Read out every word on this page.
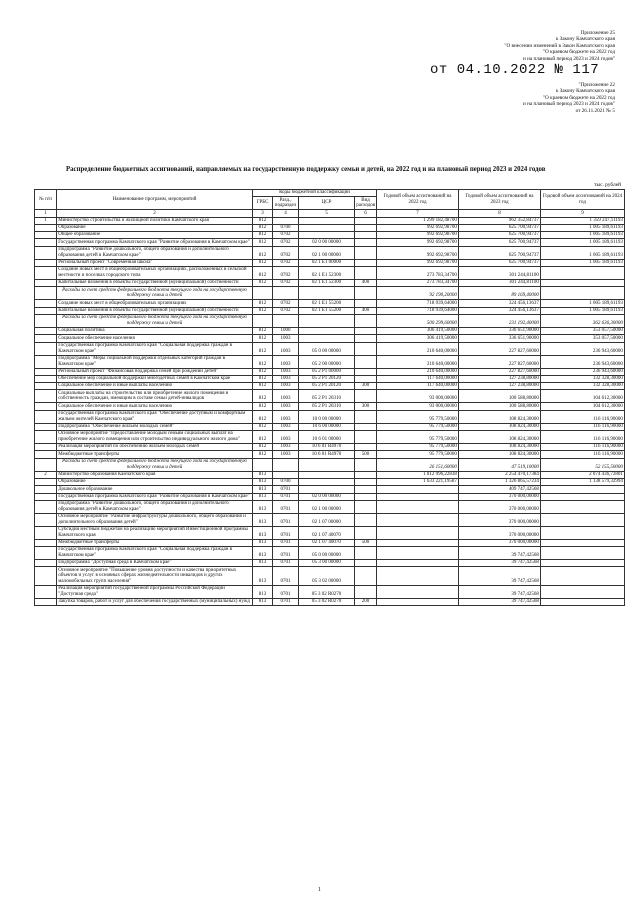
Приложение 25
к Закону Камчатского края
"О внесении изменений в Закон Камчатского края
"О краевом бюджете на 2022 год
и на плановый период 2023 и 2024 годов"
от 04.10.2022 № 117
"Приложение 22
к Закону Камчатского края
"О краевом бюджете на 2022 год
и на плановый период 2023 и 2024 годов"
от 26.11.2021 № 5
Распределение бюджетных ассигнований, направляемых на государственную поддержку семьи и детей, на 2022 год и на плановый период 2023 и 2024 годов
тыс. рублей
№ п/п	Наименование программ, мероприятий	Коды бюджетной классификации				Годовой объем ассигнований на 2022 год	Годовой объем ассигнований на 2023 год	Годовой объем ассигнований на 2024 год
		ГРБС	Разд., подраздел	ЦСР	Вид расходов			
1	2	3	4	5	6	7	8	9
1	Министерство строительства и жилищной политики Камчатского края	812				1 299 182,48700	962 352,84737	1 359 247,11193
	Образование	812	0700			992 692,98700	625 700,94737	1 005 189,61193
	Общее образование	812	0702			992 692,98700	625 700,94737	1 005 189,61193
	Государственная программа Камчатского края "Развитие образования в Камчатском крае"	812	0702	02 0 00 00000		992 692,98700	625 700,94737	1 005 189,61193
	Подпрограмма "Развитие дошкольного, общего образования и дополнительного образования детей в Камчатском крае"	812	0702	02 1 00 00000		992 692,98700	625 700,94737	1 005 189,61193
	Региональный проект "Современная школа"	812	0702	02 1 E1 00000		992 692,98700	625 700,94737	1 005 189,61193
	Создание новых мест в общеобразовательных организациях, расположенных в сельской местности и поселках городского типа	812	0702	02 1 E1 52300		273 783,34700	301 244,81100	
	Капитальные вложения в объекты государственной (муниципальной) собственности	812	0702	02 1 E1 52300	400	273 783,34700	301 244,81100	
	Расходы за счет средств федерального бюджета текущего года на государственную поддержку семьи и детей					92 190,20000	89 169,40000	
	Создание новых мест в общеобразовательных организациях	812	0702	02 1 E1 55200		718 939,64000	324 456,13637	1 005 189,61193
	Капитальные вложения в объекты государственной (муниципальной) собственности	812	0702	02 1 E1 55200	400	718 939,64000	324 456,13637	1 005 189,61193
	Расходы за счет средств федерального бюджета текущего года на государственную поддержку семьи и детей					500 299,60000	231 192,40000	362 636,30000
	Социальная политика	812	1000			306 419,50000	336 651,90000	353 057,50000
	Социальное обеспечение населения	812	1003			306 419,50000	336 651,90000	353 057,50000
	Государственная программа Камчатского края "Социальная поддержка граждан в Камчатском крае"	812	1003	05 0 00 00000		210 640,00000	227 827,60000	236 943,60000
	Подпрограмма "Меры социальной поддержки отдельных категорий граждан в Камчатском крае"	812	1003	05 2 00 00000		210 640,00000	227 827,60000	236 943,60000
	Региональный проект "Финансовая поддержка семей при рождении детей"	812	1003	05 2 P1 00000		210 640,00000	227 827,60000	236 943,60000
	Обеспечение мер социальной поддержки многодетных семей в Камчатском крае	812	1003	05 2 P1 20120		117 640,00000	127 238,80000	132 328,30000
	Социальное обеспечение и иные выплаты населению	812	1003	05 2 P1 20120	300	117 640,00000	127 238,80000	132 328,30000
	Социальные выплаты на строительство или приобретение жилого помещения в собственность граждан, имеющим в составе семьи детей-инвалидов	812	1003	05 2 P1 20310		93 000,00000	100 588,80000	104 612,30000
	Социальное обеспечение и иные выплаты населению	812	1003	05 2 P1 20310	300	93 000,00000	100 588,80000	104 612,30000
	Государственная программа Камчатского края "Обеспечение доступным и комфортным жильем жителей Камчатского края"	812	1003	10 0 00 00000		95 779,50000	108 824,30000	116 116,90000
	Подпрограмма "Обеспечение жильем молодых семей"	812	1003	10 6 00 00000		95 779,50000	108 824,30000	116 116,90000
	Основное мероприятие "Предоставление молодым семьям социальных выплат на приобретение жилого помещения или строительство индивидуального жилого дома"	812	1003	10 6 01 00000		95 779,50000	108 824,30000	116 116,90000
	Реализация мероприятий по обеспечению жильем молодых семей	812	1003	10 6 01 R4970		95 779,50000	108 824,30000	116 116,90000
	Межбюджетные трансферты	812	1003	10 6 01 R4970	500	95 779,50000	108 824,30000	116 116,90000
	Расходы за счет средств федерального бюджета текущего года на государственную поддержку семьи и детей					26 151,60000	47 519,10000	52 155,50000
2	Министерство образования Камчатского края	813				1 812 996,22838	2 254 470,17384	2 074 436,72801
	Образование	813	0700			1 633 221,19587	1 326 865,57234	1 138 579,32994
	Дошкольное образование	813	0701				409 747,42568	
	Государственная программа Камчатского края "Развитие образования в Камчатском крае"	813	0701	02 0 00 00000			370 000,00000	
	Подпрограмма "Развитие дошкольного, общего образования и дополнительного образования детей в Камчатском крае"	813	0701	02 1 00 00000			370 000,00000	
	Основное мероприятие "Развитие инфраструктуры дошкольного, общего образования и дополнительного образования детей"	813	0701	02 1 07 00000			370 000,00000	
	Субсидии местным бюджетам на реализацию мероприятий Инвестиционной программы Камчатского края	813	0701	02 1 07 40070			370 000,00000	
	Межбюджетные трансферты	813	0701	02 1 07 40070	500		370 000,00000	
	Государственная программа Камчатского края "Социальная поддержка граждан в Камчатском крае"	813	0701	05 0 00 00000			39 747,42568	
	Подпрограмма "Доступная среда в Камчатском крае"	813	0701	05 3 00 00000			39 747,42568	
	Основное мероприятие "Повышение уровня доступности и качества приоритетных объектов и услуг в основных сферах жизнедеятельности инвалидов и других маломобильных групп населения"	813	0701	05 3 02 00000			39 747,42568	
	Реализация мероприятий государственной программы Российской Федерации "Доступная среда"	813	0701	05 3 02 R0270			39 747,42568	
	Закупка товаров, работ и услуг для обеспечения государственных (муниципальных) нужд	813	0701	05 3 02 R0270	200		39 747,42568	
1
